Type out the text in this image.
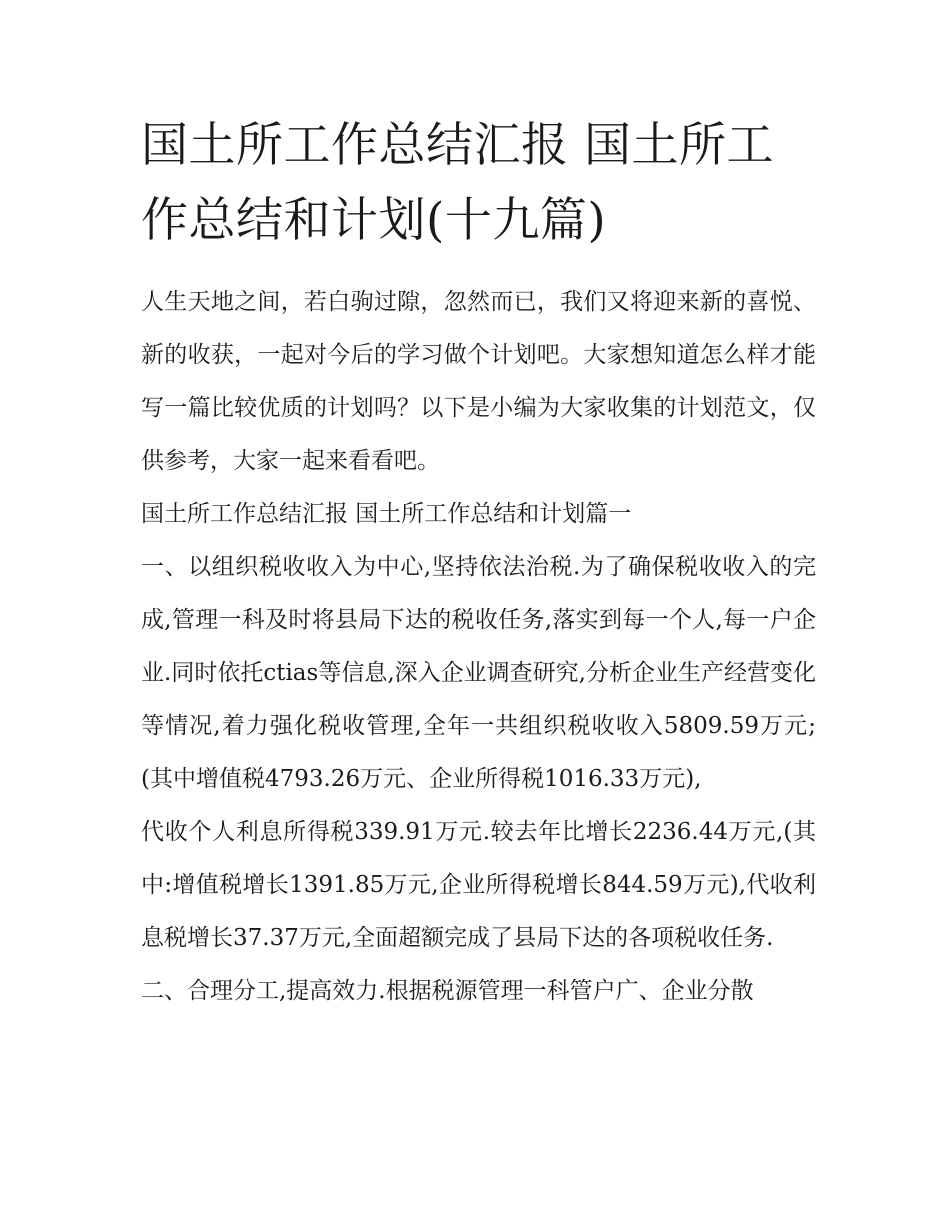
国土所工作总结汇报 国土所工作总结和计划(十九篇)

人生天地之间，若白驹过隙，忽然而已，我们又将迎来新的喜悦、新的收获，一起对今后的学习做个计划吧。大家想知道怎么样才能写一篇比较优质的计划吗？以下是小编为大家收集的计划范文，仅供参考，大家一起来看看吧。

国土所工作总结汇报 国土所工作总结和计划篇一

一、以组织税收收入为中心,坚持依法治税.为了确保税收收入的完成,管理一科及时将县局下达的税收任务,落实到每一个人,每一户企业.同时依托ctias等信息,深入企业调查研究,分析企业生产经营变化等情况,着力强化税收管理,全年一共组织税收收入5809.59万元;(其中增值税4793.26万元、企业所得税1016.33万元),

代收个人利息所得税339.91万元.较去年比增长2236.44万元,(其中:增值税增长1391.85万元,企业所得税增长844.59万元),代收利息税增长37.37万元,全面超额完成了县局下达的各项税收任务.

二、合理分工,提高效力.根据税源管理一科管户广、企业分散
